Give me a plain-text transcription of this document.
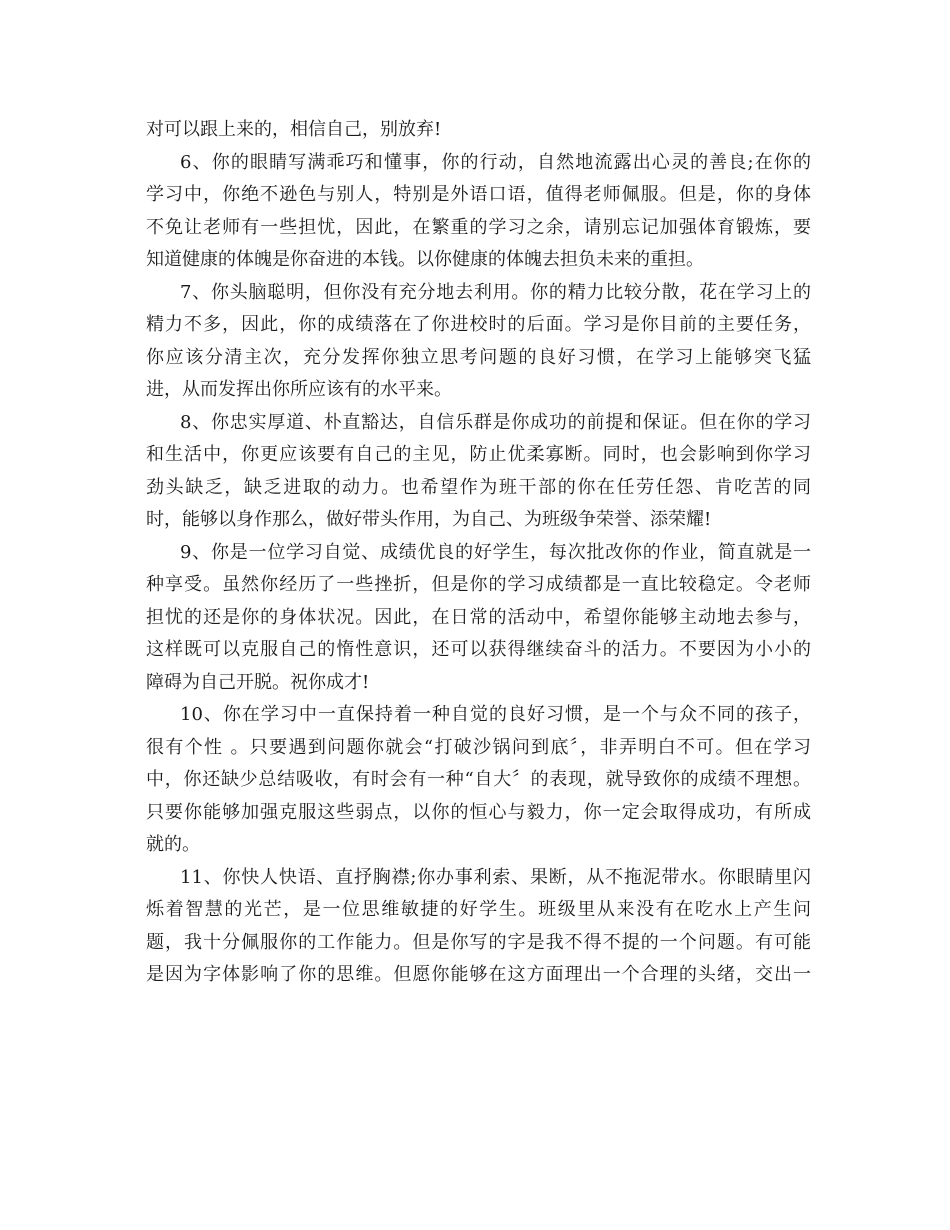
对可以跟上来的，相信自己，别放弃!
6、你的眼睛写满乖巧和懂事，你的行动，自然地流露出心灵的善良;在你的
学习中，你绝不逊色与别人，特别是外语口语，值得老师佩服。但是，你的身体
不免让老师有一些担忧，因此，在繁重的学习之余，请别忘记加强体育锻炼，要
知道健康的体魄是你奋进的本钱。以你健康的体魄去担负未来的重担。
7、你头脑聪明，但你没有充分地去利用。你的精力比较分散，花在学习上的
精力不多，因此，你的成绩落在了你进校时的后面。学习是你目前的主要任务，
你应该分清主次，充分发挥你独立思考问题的良好习惯，在学习上能够突飞猛
进，从而发挥出你所应该有的水平来。
8、你忠实厚道、朴直豁达，自信乐群是你成功的前提和保证。但在你的学习
和生活中，你更应该要有自己的主见，防止优柔寡断。同时，也会影响到你学习
劲头缺乏，缺乏进取的动力。也希望作为班干部的你在任劳任怨、肯吃苦的同
时，能够以身作那么，做好带头作用，为自己、为班级争荣誉、添荣耀!
9、你是一位学习自觉、成绩优良的好学生，每次批改你的作业，简直就是一
种享受。虽然你经历了一些挫折，但是你的学习成绩都是一直比较稳定。令老师
担忧的还是你的身体状况。因此，在日常的活动中，希望你能够主动地去参与，
这样既可以克服自己的惰性意识，还可以获得继续奋斗的活力。不要因为小小的
障碍为自己开脱。祝你成才!
10、你在学习中一直保持着一种自觉的良好习惯，是一个与众不同的孩子，
很有个性 。只要遇到问题你就会“打破沙锅问到底〞，非弄明白不可。但在学习
中，你还缺少总结吸收，有时会有一种“自大〞的表现，就导致你的成绩不理想。
只要你能够加强克服这些弱点，以你的恒心与毅力，你一定会取得成功，有所成
就的。
11、你快人快语、直抒胸襟;你办事利索、果断，从不拖泥带水。你眼睛里闪
烁着智慧的光芒，是一位思维敏捷的好学生。班级里从来没有在吃水上产生问
题，我十分佩服你的工作能力。但是你写的字是我不得不提的一个问题。有可能
是因为字体影响了你的思维。但愿你能够在这方面理出一个合理的头绪，交出一
